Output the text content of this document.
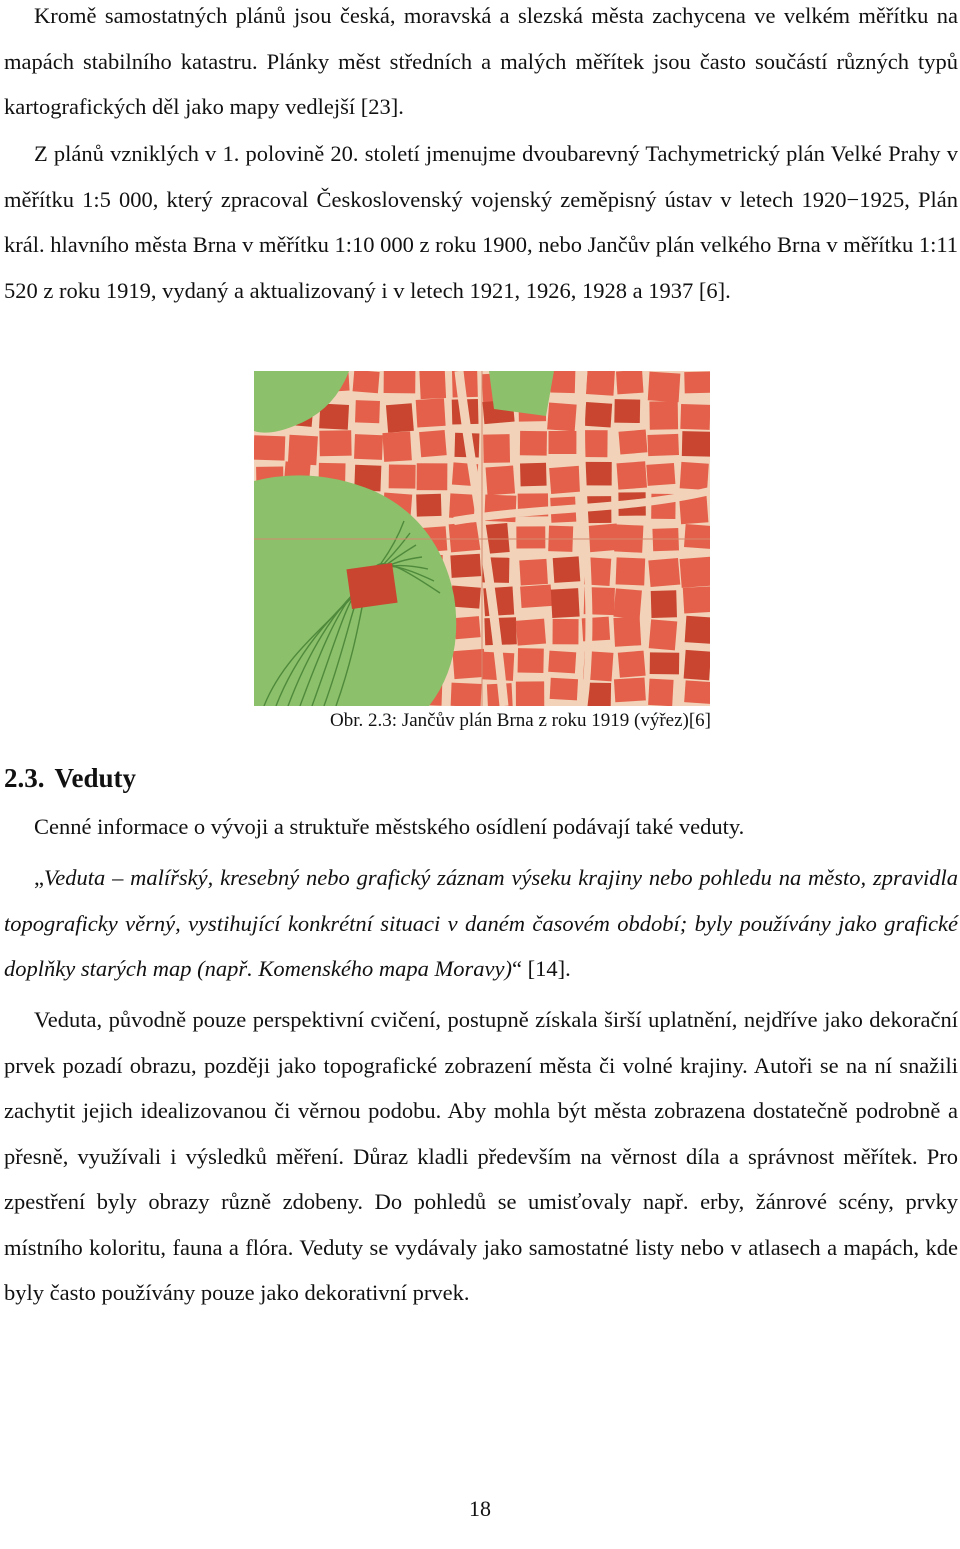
Kromě samostatných plánů jsou česká, moravská a slezská města zachycena ve velkém měřítku na mapách stabilního katastru. Plánky měst středních a malých měřítek jsou často součástí různých typů kartografických děl jako mapy vedlejší [23].

Z plánů vzniklých v 1. polovině 20. století jmenujme dvoubarevný Tachymetrický plán Velké Prahy v měřítku 1:5 000, který zpracoval Československý vojenský zeměpisný ústav v letech 1920−1925, Plán král. hlavního města Brna v měřítku 1:10 000 z roku 1900, nebo Jančův plán velkého Brna v měřítku 1:11 520 z roku 1919, vydaný a aktualizovaný i v letech 1921, 1926, 1928 a 1937 [6].

Obr. 2.3: Jančův plán Brna z roku 1919 (výřez)[6]

2.3. Veduty

Cenné informace o vývoji a struktuře městského osídlení podávají také veduty.

„Veduta – malířský, kresebný nebo grafický záznam výseku krajiny nebo pohledu na město, zpravidla topograficky věrný, vystihující konkrétní situaci v daném časovém období; byly používány jako grafické doplňky starých map (např. Komenského mapa Moravy)“ [14].

Veduta, původně pouze perspektivní cvičení, postupně získala širší uplatnění, nejdříve jako dekorační prvek pozadí obrazu, později jako topografické zobrazení města či volné krajiny. Autoři se na ní snažili zachytit jejich idealizovanou či věrnou podobu. Aby mohla být města zobrazena dostatečně podrobně a přesně, využívali i výsledků měření. Důraz kladli především na věrnost díla a správnost měřítek. Pro zpestření byly obrazy různě zdobeny. Do pohledů se umisťovaly např. erby, žánrové scény, prvky místního koloritu, fauna a flóra. Veduty se vydávaly jako samostatné listy nebo v atlasech a mapách, kde byly často používány pouze jako dekorativní prvek.

18
